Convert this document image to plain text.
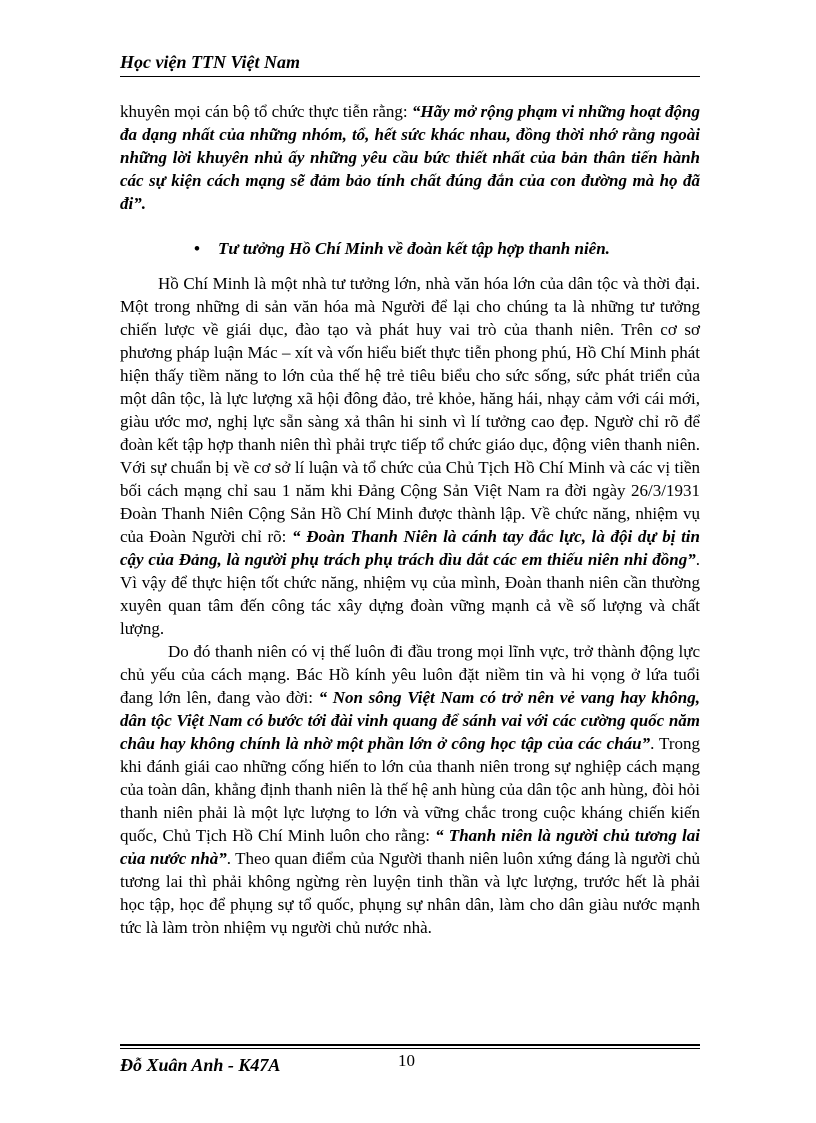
Học viện TTN Việt Nam

khuyên mọi cán bộ tổ chức thực tiễn rằng: “Hãy mở rộng phạm vi những hoạt động đa dạng nhất của những nhóm, tổ, hết sức khác nhau, đồng thời nhớ rằng ngoài những lời khuyên nhủ ấy những yêu cầu bức thiết nhất của bản thân tiến hành các sự kiện cách mạng sẽ đảm bảo tính chất đúng đắn của con đường mà họ đã đi”.

• Tư tưởng Hồ Chí Minh về đoàn kết tập hợp thanh niên.

Hồ Chí Minh là một nhà tư tưởng lớn, nhà văn hóa lớn của dân tộc và thời đại. Một trong những di sản văn hóa mà Người để lại cho chúng ta là những tư tưởng chiến lược về giái dục, đào tạo và phát huy vai trò của thanh niên. Trên cơ sơ phương pháp luận Mác – xít và vốn hiểu biết thực tiễn phong phú, Hồ Chí Minh phát hiện thấy tiềm năng to lớn của thế hệ trẻ tiêu biểu cho sức sống, sức phát triển của một dân tộc, là lực lượng xã hội đông đảo, trẻ khỏe, hăng hái, nhạy cảm với cái mới, giàu ước mơ, nghị lực sẵn sàng xả thân hi sinh vì lí tưởng cao đẹp. Ngườ chỉ rõ để đoàn kết tập hợp thanh niên thì phải trực tiếp tổ chức giáo dục, động viên thanh niên. Với sự chuẩn bị về cơ sở lí luận và tổ chức của Chủ Tịch Hồ Chí Minh và các vị tiền bối cách mạng chỉ sau 1 năm khi Đảng Cộng Sản Việt Nam ra đời ngày 26/3/1931 Đoàn Thanh Niên Cộng Sản Hồ Chí Minh được thành lập. Về chức năng, nhiệm vụ của Đoàn Người chỉ rõ: “ Đoàn Thanh Niên là cánh tay đắc lực, là đội dự bị tin cậy của Đảng, là người phụ trách phụ trách dìu dắt các em thiếu niên nhi đồng”. Vì vậy để thực hiện tốt chức năng, nhiệm vụ của mình, Đoàn thanh niên cần thường xuyên quan tâm đến công tác xây dựng đoàn vững mạnh cả về số lượng và chất lượng.

Do đó thanh niên có vị thế luôn đi đầu trong mọi lĩnh vực, trở thành động lực chủ yếu của cách mạng. Bác Hồ kính yêu luôn đặt niềm tin và hi vọng ở lứa tuổi đang lớn lên, đang vào đời: “ Non sông Việt Nam có trở nên vẻ vang hay không, dân tộc Việt Nam có bước tới đài vinh quang để sánh vai với các cường quốc năm châu hay không chính là nhờ một phần lớn ở công học tập của các cháu”. Trong khi đánh giái cao những cống hiến to lớn của thanh niên trong sự nghiệp cách mạng của toàn dân, khẳng định thanh niên là thế hệ anh hùng của dân tộc anh hùng, đòi hỏi thanh niên phải là một lực lượng to lớn và vững chắc trong cuộc kháng chiến kiến quốc, Chủ Tịch Hồ Chí Minh luôn cho rằng: “ Thanh niên là người chủ tương lai của nước nhà”. Theo quan điểm của Người thanh niên luôn xứng đáng là người chủ tương lai thì phải không ngừng rèn luyện tinh thần và lực lượng, trước hết là phải học tập, học để phụng sự tổ quốc, phụng sự nhân dân, làm cho dân giàu nước mạnh tức là làm tròn nhiệm vụ người chủ nước nhà.

Đỗ Xuân Anh - K47A	10
